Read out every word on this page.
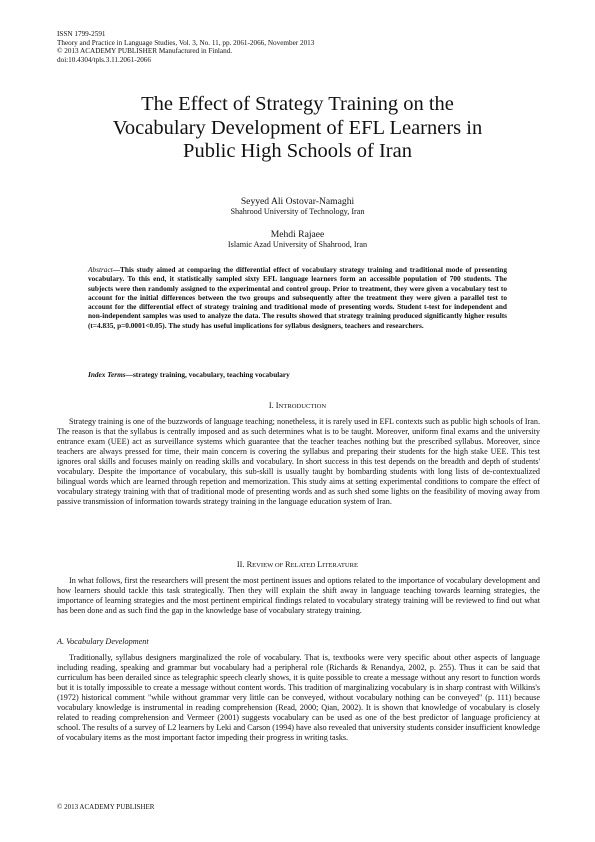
ISSN 1799-2591
Theory and Practice in Language Studies, Vol. 3, No. 11, pp. 2061-2066, November 2013
© 2013 ACADEMY PUBLISHER Manufactured in Finland.
doi:10.4304/tpls.3.11.2061-2066
The Effect of Strategy Training on the
Vocabulary Development of EFL Learners in
Public High Schools of Iran
Seyyed Ali Ostovar-Namaghi
Shahrood University of Technology, Iran
Mehdi Rajaee
Islamic Azad University of Shahrood, Iran

Abstract—This study aimed at comparing the differential effect of vocabulary strategy training and traditional mode of presenting vocabulary. To this end, it statistically sampled sixty EFL language learners form an accessible population of 700 students. The subjects were then randomly assigned to the experimental and control group. Prior to treatment, they were given a vocabulary test to account for the initial differences between the two groups and subsequently after the treatment they were given a parallel test to account for the differential effect of strategy training and traditional mode of presenting words. Student t-test for independent and non-independent samples was used to analyze the data. The results showed that strategy training produced significantly higher results (t=4.835, p=0.0001<0.05). The study has useful implications for syllabus designers, teachers and researchers.

Index Terms—strategy training, vocabulary, teaching vocabulary

I. INTRODUCTION

Strategy training is one of the buzzwords of language teaching; nonetheless, it is rarely used in EFL contexts such as public high schools of Iran. The reason is that the syllabus is centrally imposed and as such determines what is to be taught. Moreover, uniform final exams and the university entrance exam (UEE) act as surveillance systems which guarantee that the teacher teaches nothing but the prescribed syllabus. Moreover, since teachers are always pressed for time, their main concern is covering the syllabus and preparing their students for the high stake UEE. This test ignores oral skills and focuses mainly on reading skills and vocabulary. In short success in this test depends on the breadth and depth of students' vocabulary. Despite the importance of vocabulary, this sub-skill is usually taught by bombarding students with long lists of de-contextualized bilingual words which are learned through repetion and memorization. This study aims at setting experimental conditions to compare the effect of vocabulary strategy training with that of traditional mode of presenting words and as such shed some lights on the feasibility of moving away from passive transmission of information towards strategy training in the language education system of Iran.

II. REVIEW OF RELATED LITERATURE

In what follows, first the researchers will present the most pertinent issues and options related to the importance of vocabulary development and how learners should tackle this task strategically. Then they will explain the shift away in language teaching towards learning strategies, the importance of learning strategies and the most pertinent empirical findings related to vocabulary strategy training will be reviewed to find out what has been done and as such find the gap in the knowledge base of vocabulary strategy training.

A. Vocabulary Development

Traditionally, syllabus designers marginalized the role of vocabulary. That is, textbooks were very specific about other aspects of language including reading, speaking and grammar but vocabulary had a peripheral role (Richards & Renandya, 2002, p. 255). Thus it can be said that curriculum has been derailed since as telegraphic speech clearly shows, it is quite possible to create a message without any resort to function words but it is totally impossible to create a message without content words. This tradition of marginalizing vocabulary is in sharp contrast with Wilkins's (1972) historical comment "while without grammar very little can be conveyed, without vocabulary nothing can be conveyed" (p. 111) because vocabulary knowledge is instrumental in reading comprehension (Read, 2000; Qian, 2002). It is shown that knowledge of vocabulary is closely related to reading comprehension and Vermeer (2001) suggests vocabulary can be used as one of the best predictor of language proficiency at school. The results of a survey of L2 learners by Leki and Carson (1994) have also revealed that university students consider insufficient knowledge of vocabulary items as the most important factor impeding their progress in writing tasks.

© 2013 ACADEMY PUBLISHER
